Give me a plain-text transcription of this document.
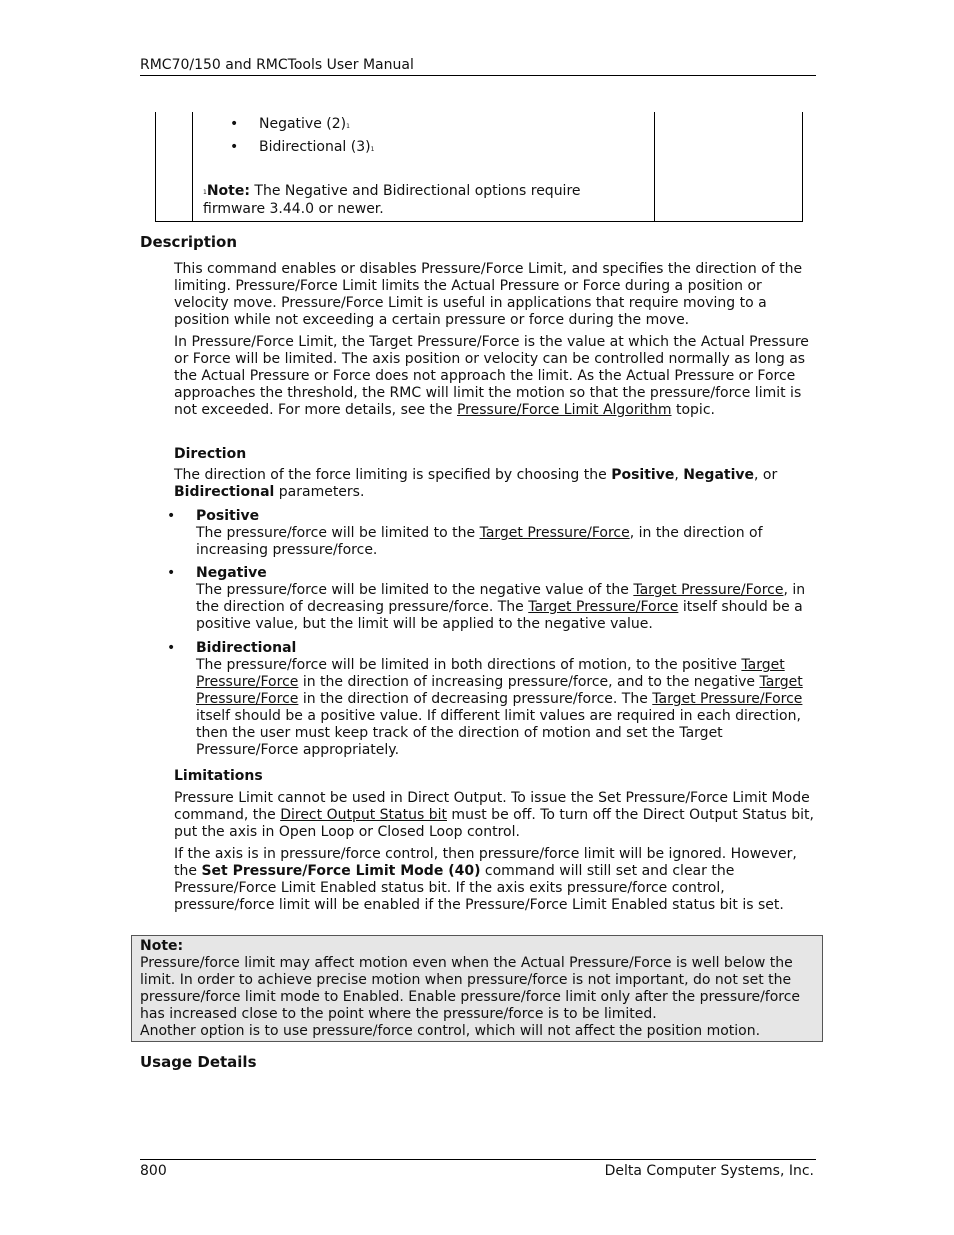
RMC70/150 and RMCTools User Manual
• Negative $(2)^1$
• Bidirectional $(3)^1$
$^1$Note: The Negative and Bidirectional options require firmware 3.44.0 or newer.
Description

This command enables or disables Pressure/Force Limit, and specifies the direction of the limiting. Pressure/Force Limit limits the Actual Pressure or Force during a position or velocity move. Pressure/Force Limit is useful in applications that require moving to a position while not exceeding a certain pressure or force during the move.

In Pressure/Force Limit, the Target Pressure/Force is the value at which the Actual Pressure or Force will be limited. The axis position or velocity can be controlled normally as long as the Actual Pressure or Force does not approach the limit. As the Actual Pressure or Force approaches the threshold, the RMC will limit the motion so that the pressure/force limit is not exceeded. For more details, see the Pressure/Force Limit Algorithm topic.

Direction

The direction of the force limiting is specified by choosing the Positive, Negative, or Bidirectional parameters.

• Positive
The pressure/force will be limited to the Target Pressure/Force, in the direction of increasing pressure/force.
• Negative
The pressure/force will be limited to the negative value of the Target Pressure/Force, in the direction of decreasing pressure/force. The Target Pressure/Force itself should be a positive value, but the limit will be applied to the negative value.
• Bidirectional
The pressure/force will be limited in both directions of motion, to the positive Target Pressure/Force in the direction of increasing pressure/force, and to the negative Target Pressure/Force in the direction of decreasing pressure/force. The Target Pressure/Force itself should be a positive value. If different limit values are required in each direction, then the user must keep track of the direction of motion and set the Target Pressure/Force appropriately.
Limitations

Pressure Limit cannot be used in Direct Output. To issue the Set Pressure/Force Limit Mode command, the Direct Output Status bit must be off. To turn off the Direct Output Status bit, put the axis in Open Loop or Closed Loop control.

If the axis is in pressure/force control, then pressure/force limit will be ignored. However, the Set Pressure/Force Limit Mode (40) command will still set and clear the Pressure/Force Limit Enabled status bit. If the axis exits pressure/force control, pressure/force limit will be enabled if the Pressure/Force Limit Enabled status bit is set.

Note:
Pressure/force limit may affect motion even when the Actual Pressure/Force is well below the limit. In order to achieve precise motion when pressure/force is not important, do not set the pressure/force limit mode to Enabled. Enable pressure/force limit only after the pressure/force has increased close to the point where the pressure/force is to be limited.
Another option is to use pressure/force control, which will not affect the position motion.
Usage Details
800	Delta Computer Systems, Inc.
